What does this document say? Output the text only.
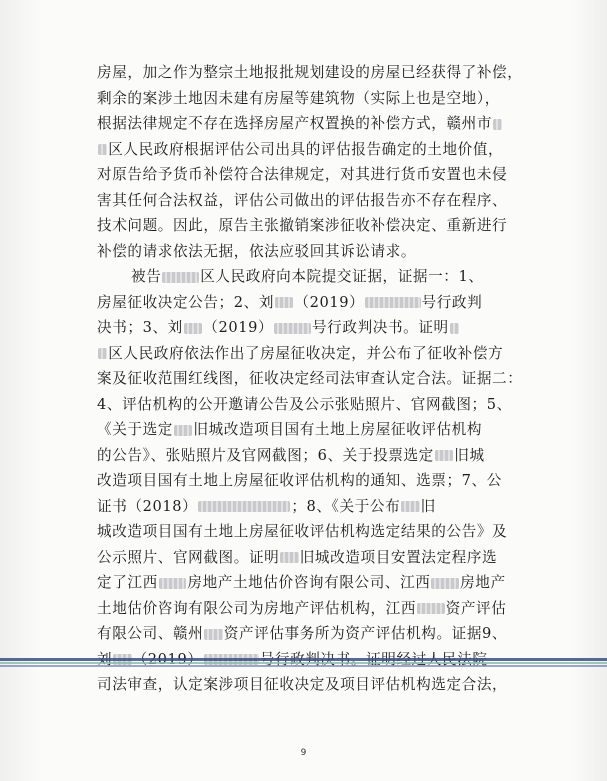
房屋，加之作为整宗土地报批规划建设的房屋已经获得了补偿，
剩余的案涉土地因未建有房屋等建筑物（实际上也是空地），
根据法律规定不存在选择房屋产权置换的补偿方式，赣州市
区人民政府根据评估公司出具的评估报告确定的土地价值，
对原告给予货币补偿符合法律规定，对其进行货币安置也未侵
害其任何合法权益，评估公司做出的评估报告亦不存在程序、
技术问题。因此，原告主张撤销案涉征收补偿决定、重新进行
补偿的请求依法无据，依法应驳回其诉讼请求。
被告	区人民政府向本院提交证据，证据一：1、
房屋征收决定公告；2、刘 （2019）	号行政判
决书；3、刘 （2019）	号行政判决书。证明
区人民政府依法作出了房屋征收决定，并公布了征收补偿方
案及征收范围红线图，征收决定经司法审查认定合法。证据二：
4、评估机构的公开邀请公告及公示张贴照片、官网截图；5、
《关于选定 旧城改造项目国有土地上房屋征收评估机构
的公告》、张贴照片及官网截图；6、关于投票选定 旧城
改造项目国有土地上房屋征收评估机构的通知、选票；7、公
证书（2018）	；8、《关于公布 旧
城改造项目国有土地上房屋征收评估机构选定结果的公告》及
公示照片、官网截图。证明 旧城改造项目安置法定程序选
定了江西 房地产土地估价咨询有限公司、江西 房地产
土地估价咨询有限公司为房地产评估机构，江西 资产评估
有限公司、赣州 资产评估事务所为资产评估机构。证据9、
司法审查，认定案涉项目征收决定及项目评估机构选定合法，
9
